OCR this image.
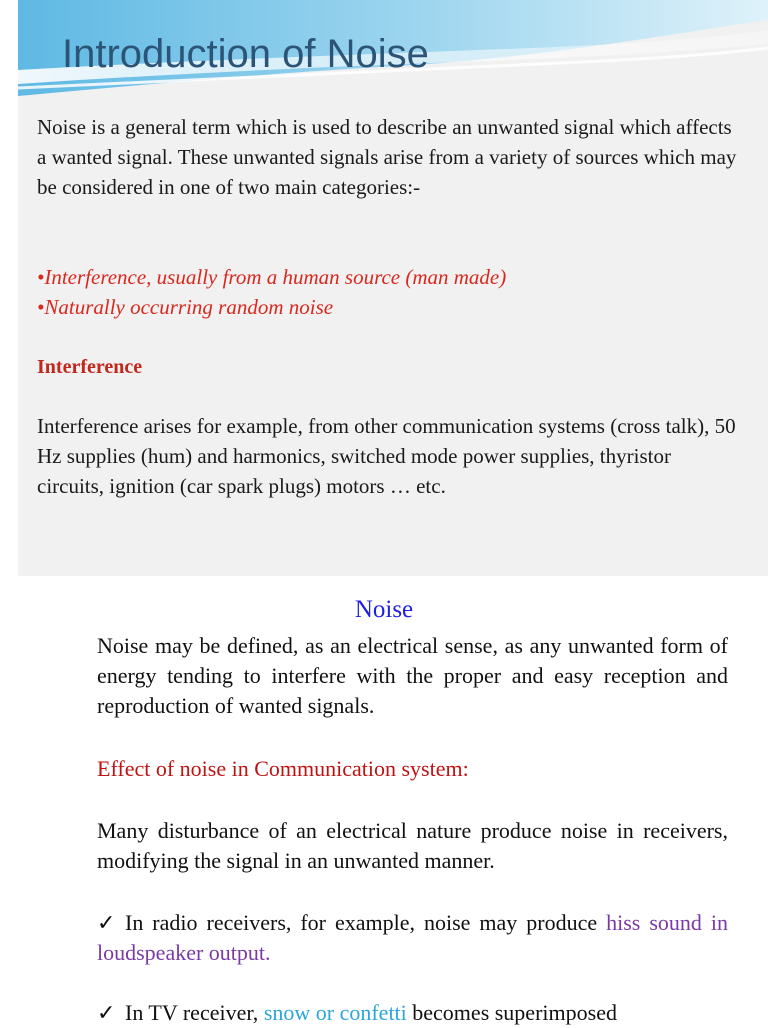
Introduction of Noise

Noise is a general term which is used to describe an unwanted signal which affects a wanted signal. These unwanted signals arise from a variety of sources which may be considered in one of two main categories:-

•Interference, usually from a human source (man made)
•Naturally occurring random noise
Interference

Interference arises for example, from other communication systems (cross talk), 50 Hz supplies (hum) and harmonics, switched mode power supplies, thyristor circuits, ignition (car spark plugs) motors … etc.

Noise

Noise may be defined, as an electrical sense, as any unwanted form of energy tending to interfere with the proper and easy reception and reproduction of wanted signals.

Effect of noise in Communication system:

Many disturbance of an electrical nature produce noise in receivers, modifying the signal in an unwanted manner.

✓ In radio receivers, for example, noise may produce hiss sound in loudspeaker output.

✓ In TV receiver, snow or confetti becomes superimposed
